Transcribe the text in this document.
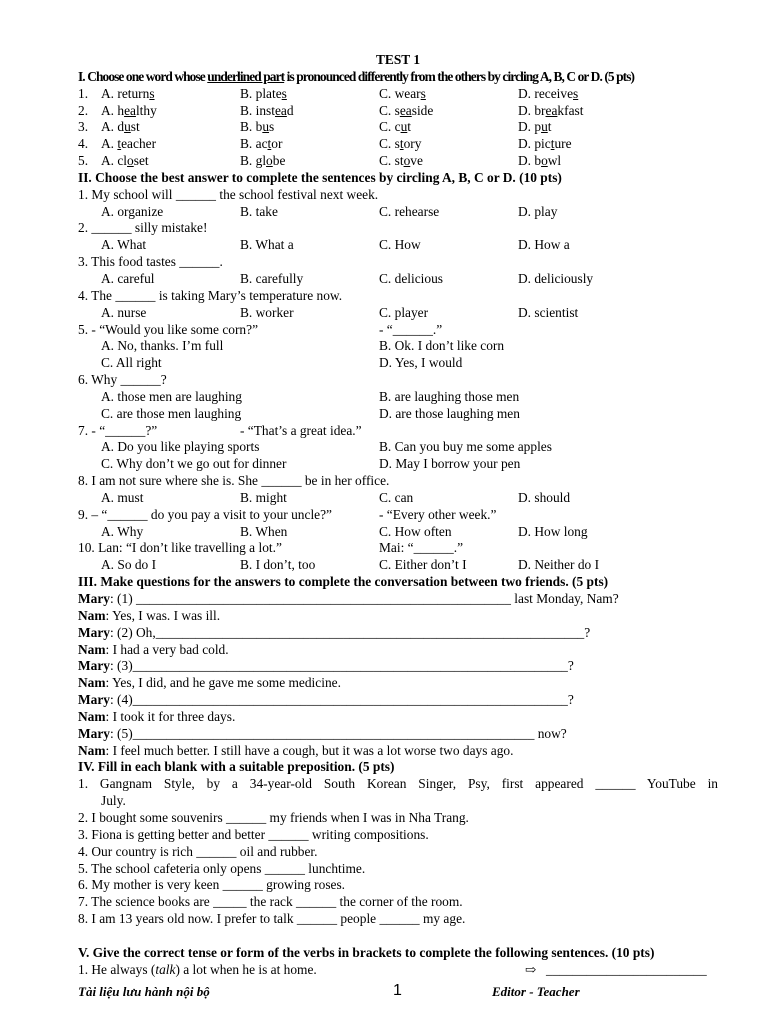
TEST 1
I. Choose one word whose underlined part is pronounced differently from the others by circling A, B, C or D. (5 pts)
1. A. returns	B. plates	C. wears	D. receives
2. A. healthy	B. instead	C. seaside	D. breakfast
3. A. dust	B. bus	C. cut	D. put
4. A. teacher	B. actor	C. story	D. picture
5. A. closet	B. globe	C. stove	D. bowl
II. Choose the best answer to complete the sentences by circling A, B, C or D. (10 pts)
1. My school will ______ the school festival next week.
A. organize	B. take	C. rehearse	D. play
2. ______ silly mistake!
A. What	B. What a	C. How	D. How a
3. This food tastes ______.
A. careful	B. carefully	C. delicious	D. deliciously
4. The ______ is taking Mary’s temperature now.
A. nurse	B. worker	C. player	D. scientist
5. - “Would you like some corn?”	- “______.”
A. No, thanks. I’m full	B. Ok. I don’t like corn
C. All right	D. Yes, I would
6. Why ______?
A. those men are laughing	B. are laughing those men
C. are those men laughing	D. are those laughing men
7. - “______?”	- “That’s a great idea.”
A. Do you like playing sports	B. Can you buy me some apples
C. Why don’t we go out for dinner	D. May I borrow your pen
8. I am not sure where she is. She ______ be in her office.
A. must	B. might	C. can	D. should
9. – “______ do you pay a visit to your uncle?”	- “Every other week.”
A. Why	B. When	C. How often	D. How long
10. Lan: “I don’t like travelling a lot.”	Mai: “______.”
A. So do I	B. I don’t, too	C. Either don’t I	D. Neither do I
III. Make questions for the answers to complete the conversation between two friends. (5 pts)
Mary: (1) ________________________________________________________ last Monday, Nam?
Nam: Yes, I was. I was ill.
Mary: (2) Oh,________________________________________________________________?
Nam: I had a very bad cold.
Mary: (3)_________________________________________________________________?
Nam: Yes, I did, and he gave me some medicine.
Mary: (4)_________________________________________________________________?
Nam: I took it for three days.
Mary: (5)____________________________________________________________ now?
Nam: I feel much better. I still have a cough, but it was a lot worse two days ago.
IV. Fill in each blank with a suitable preposition. (5 pts)
1. Gangnam Style, by a 34-year-old South Korean Singer, Psy, first appeared ______ YouTube in
July.
2. I bought some souvenirs ______ my friends when I was in Nha Trang.
3. Fiona is getting better and better ______ writing compositions.
4. Our country is rich ______ oil and rubber.
5. The school cafeteria only opens ______ lunchtime.
6. My mother is very keen ______ growing roses.
7. The science books are _____ the rack ______ the corner of the room.
8. I am 13 years old now. I prefer to talk ______ people ______ my age.
V. Give the correct tense or form of the verbs in brackets to complete the following sentences. (10 pts)
1. He always (talk) a lot when he is at home.	⇨ ________________________
Tài liệu lưu hành nội bộ	1	Editor - Teacher
